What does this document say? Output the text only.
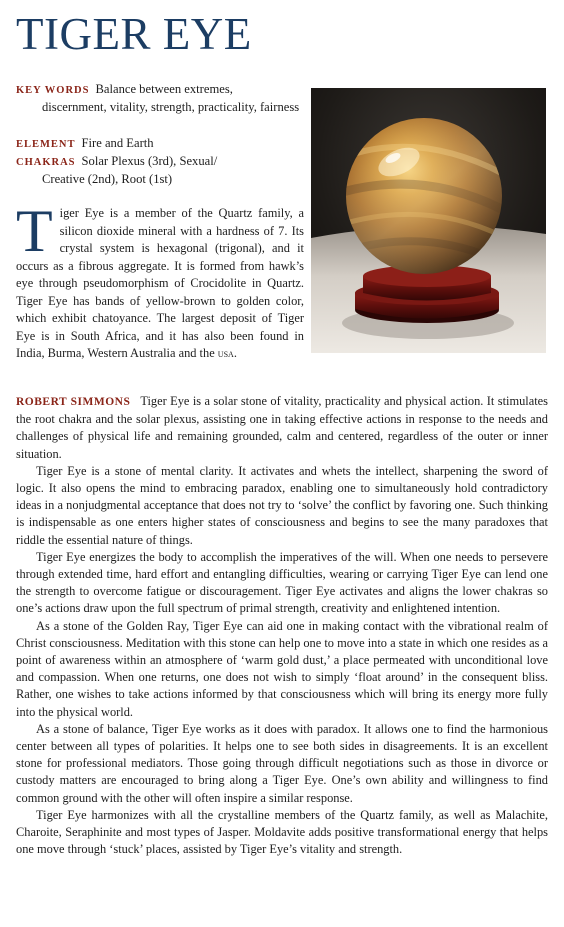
TIGER EYE
KEY WORDS Balance between extremes,
discernment, vitality, strength, practicality, fairness
ELEMENT Fire and Earth
CHAKRAS Solar Plexus (3rd), Sexual/
Creative (2nd), Root (1st)

Tiger Eye is a member of the Quartz family, a silicon dioxide mineral with a hardness of 7. Its crystal system is hexagonal (trigonal), and it occurs as a fibrous aggregate. It is formed from hawk’s eye through pseudomorphism of Crocidolite in Quartz. Tiger Eye has bands of yellow-brown to golden color, which exhibit chatoyance. The largest deposit of Tiger Eye is in South Africa, and it has also been found in India, Burma, Western Australia and the usa.

ROBERT SIMMONS Tiger Eye is a solar stone of vitality, practicality and physical action. It stimulates the root chakra and the solar plexus, assisting one in taking effective actions in response to the needs and challenges of physical life and remaining grounded, calm and centered, regardless of the outer or inner situation.

Tiger Eye is a stone of mental clarity. It activates and whets the intellect, sharpening the sword of logic. It also opens the mind to embracing paradox, enabling one to simultaneously hold contradictory ideas in a nonjudgmental acceptance that does not try to ‘solve’ the conflict by favoring one. Such thinking is indispensable as one enters higher states of consciousness and begins to see the many paradoxes that riddle the essential nature of things.

Tiger Eye energizes the body to accomplish the imperatives of the will. When one needs to persevere through extended time, hard effort and entangling difficulties, wearing or carrying Tiger Eye can lend one the strength to overcome fatigue or discouragement. Tiger Eye activates and aligns the lower chakras so one’s actions draw upon the full spectrum of primal strength, creativity and enlightened intention.

As a stone of the Golden Ray, Tiger Eye can aid one in making contact with the vibrational realm of Christ consciousness. Meditation with this stone can help one to move into a state in which one resides as a point of awareness within an atmosphere of ‘warm gold dust,’ a place permeated with unconditional love and compassion. When one returns, one does not wish to simply ‘float around’ in the consequent bliss. Rather, one wishes to take actions informed by that consciousness which will bring its energy more fully into the physical world.

As a stone of balance, Tiger Eye works as it does with paradox. It allows one to find the harmonious center between all types of polarities. It helps one to see both sides in disagreements. It is an excellent stone for professional mediators. Those going through difficult negotiations such as those in divorce or custody matters are encouraged to bring along a Tiger Eye. One’s own ability and willingness to find common ground with the other will often inspire a similar response.

Tiger Eye harmonizes with all the crystalline members of the Quartz family, as well as Malachite, Charoite, Seraphinite and most types of Jasper. Moldavite adds positive transformational energy that helps one move through ‘stuck’ places, assisted by Tiger Eye’s vitality and strength.
